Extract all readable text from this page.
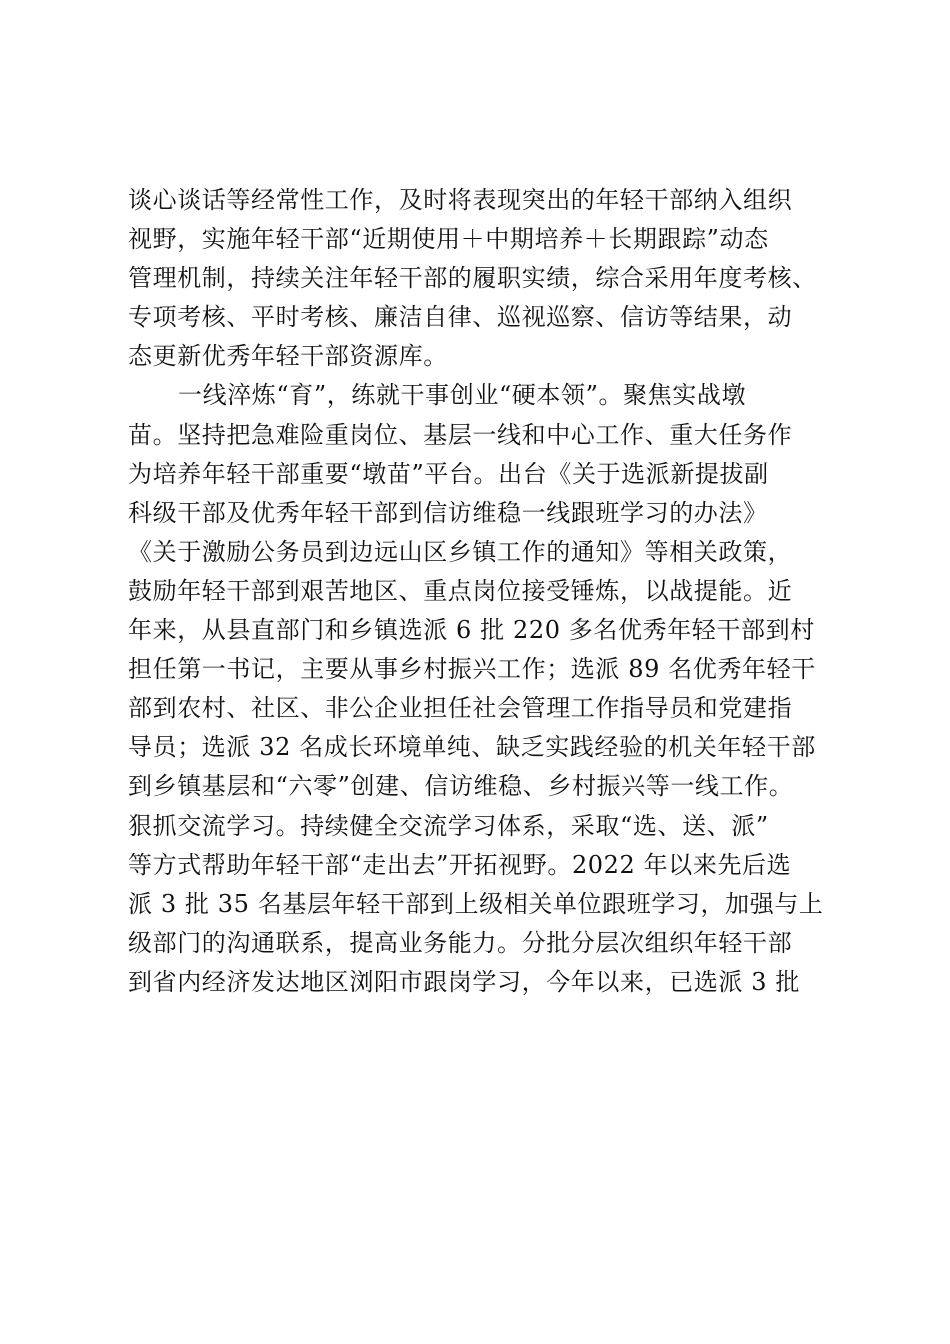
谈心谈话等经常性工作，及时将表现突出的年轻干部纳入组织
视野，实施年轻干部“近期使用＋中期培养＋长期跟踪”动态
管理机制，持续关注年轻干部的履职实绩，综合采用年度考核、
专项考核、平时考核、廉洁自律、巡视巡察、信访等结果，动
态更新优秀年轻干部资源库。
一线淬炼“育”，练就干事创业“硬本领”。聚焦实战墩
苗。坚持把急难险重岗位、基层一线和中心工作、重大任务作
为培养年轻干部重要“墩苗”平台。出台《关于选派新提拔副
科级干部及优秀年轻干部到信访维稳一线跟班学习的办法》
《关于激励公务员到边远山区乡镇工作的通知》等相关政策，
鼓励年轻干部到艰苦地区、重点岗位接受锤炼，以战提能。近
年来，从县直部门和乡镇选派 6 批 220 多名优秀年轻干部到村
担任第一书记，主要从事乡村振兴工作；选派 89 名优秀年轻干
部到农村、社区、非公企业担任社会管理工作指导员和党建指
导员；选派 32 名成长环境单纯、缺乏实践经验的机关年轻干部
到乡镇基层和“六零”创建、信访维稳、乡村振兴等一线工作。
狠抓交流学习。持续健全交流学习体系，采取“选、送、派”
等方式帮助年轻干部“走出去”开拓视野。2022 年以来先后选
派 3 批 35 名基层年轻干部到上级相关单位跟班学习，加强与上
级部门的沟通联系，提高业务能力。分批分层次组织年轻干部
到省内经济发达地区浏阳市跟岗学习，今年以来，已选派 3 批
